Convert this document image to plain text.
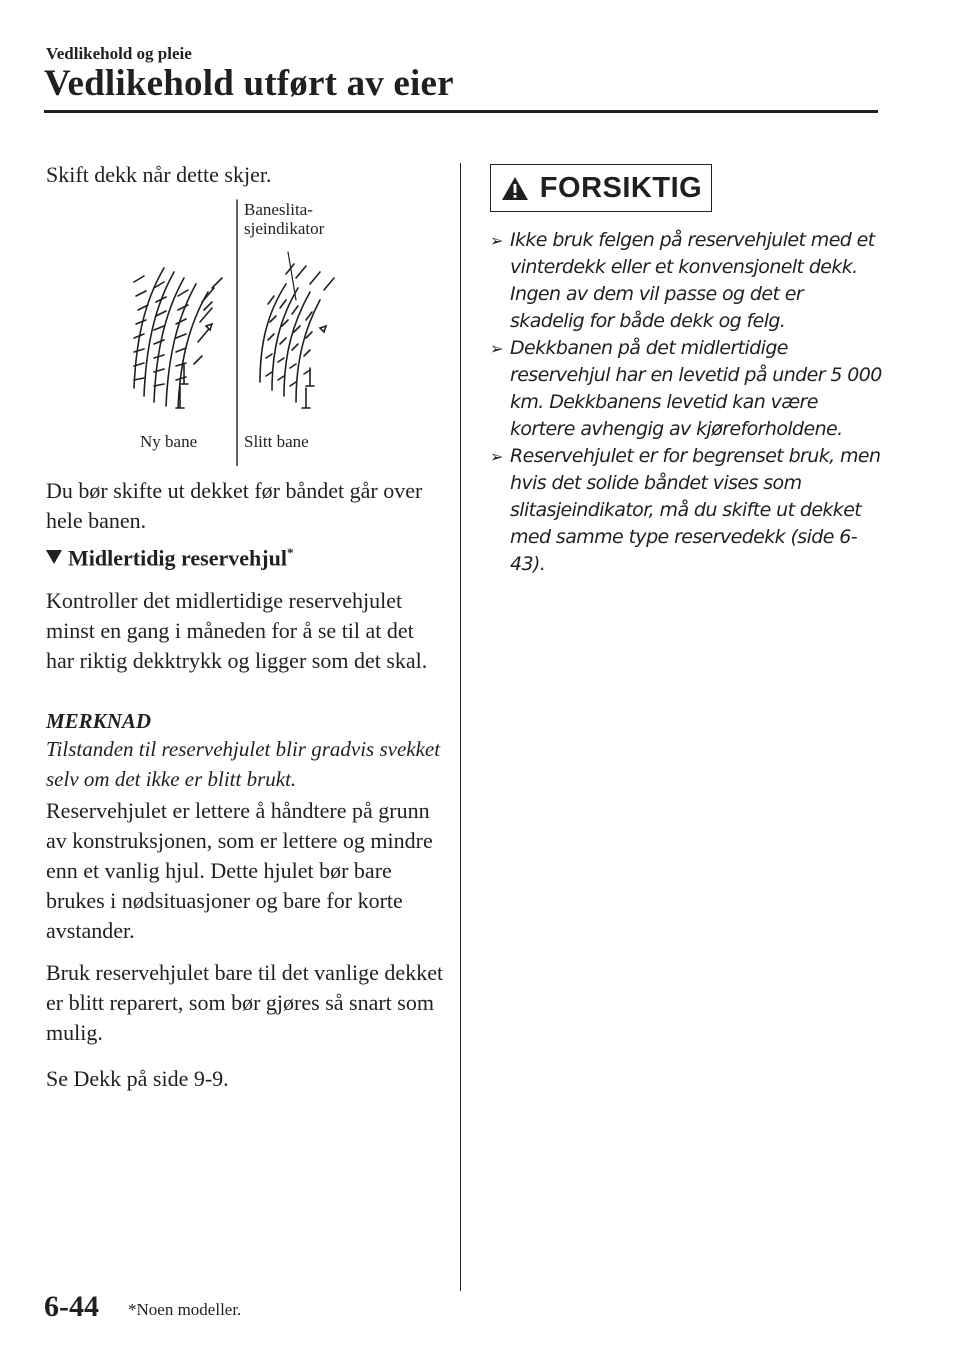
Vedlikehold og pleie
Vedlikehold utført av eier
Skift dekk når dette skjer.
Baneslita-
sjeindikator
Ny bane	Slitt bane
Du bør skifte ut dekket før båndet går over hele banen.
Midlertidig reservehjul*
Kontroller det midlertidige reservehjulet minst en gang i måneden for å se til at det har riktig dekktrykk og ligger som det skal.
MERKNAD
Tilstanden til reservehjulet blir gradvis svekket selv om det ikke er blitt brukt.
Reservehjulet er lettere å håndtere på grunn av konstruksjonen, som er lettere og mindre enn et vanlig hjul. Dette hjulet bør bare brukes i nødsituasjoner og bare for korte avstander.
Bruk reservehjulet bare til det vanlige dekket er blitt reparert, som bør gjøres så snart som mulig.
Se Dekk på side 9-9.
FORSIKTIG
➢ Ikke bruk felgen på reservehjulet med et vinterdekk eller et konvensjonelt dekk. Ingen av dem vil passe og det er skadelig for både dekk og felg.
➢ Dekkbanen på det midlertidige reservehjul har en levetid på under 5 000 km. Dekkbanens levetid kan være kortere avhengig av kjøreforholdene.
➢ Reservehjulet er for begrenset bruk, men hvis det solide båndet vises som slitasjeindikator, må du skifte ut dekket med samme type reservedekk (side 6-43).
6-44 *Noen modeller.
